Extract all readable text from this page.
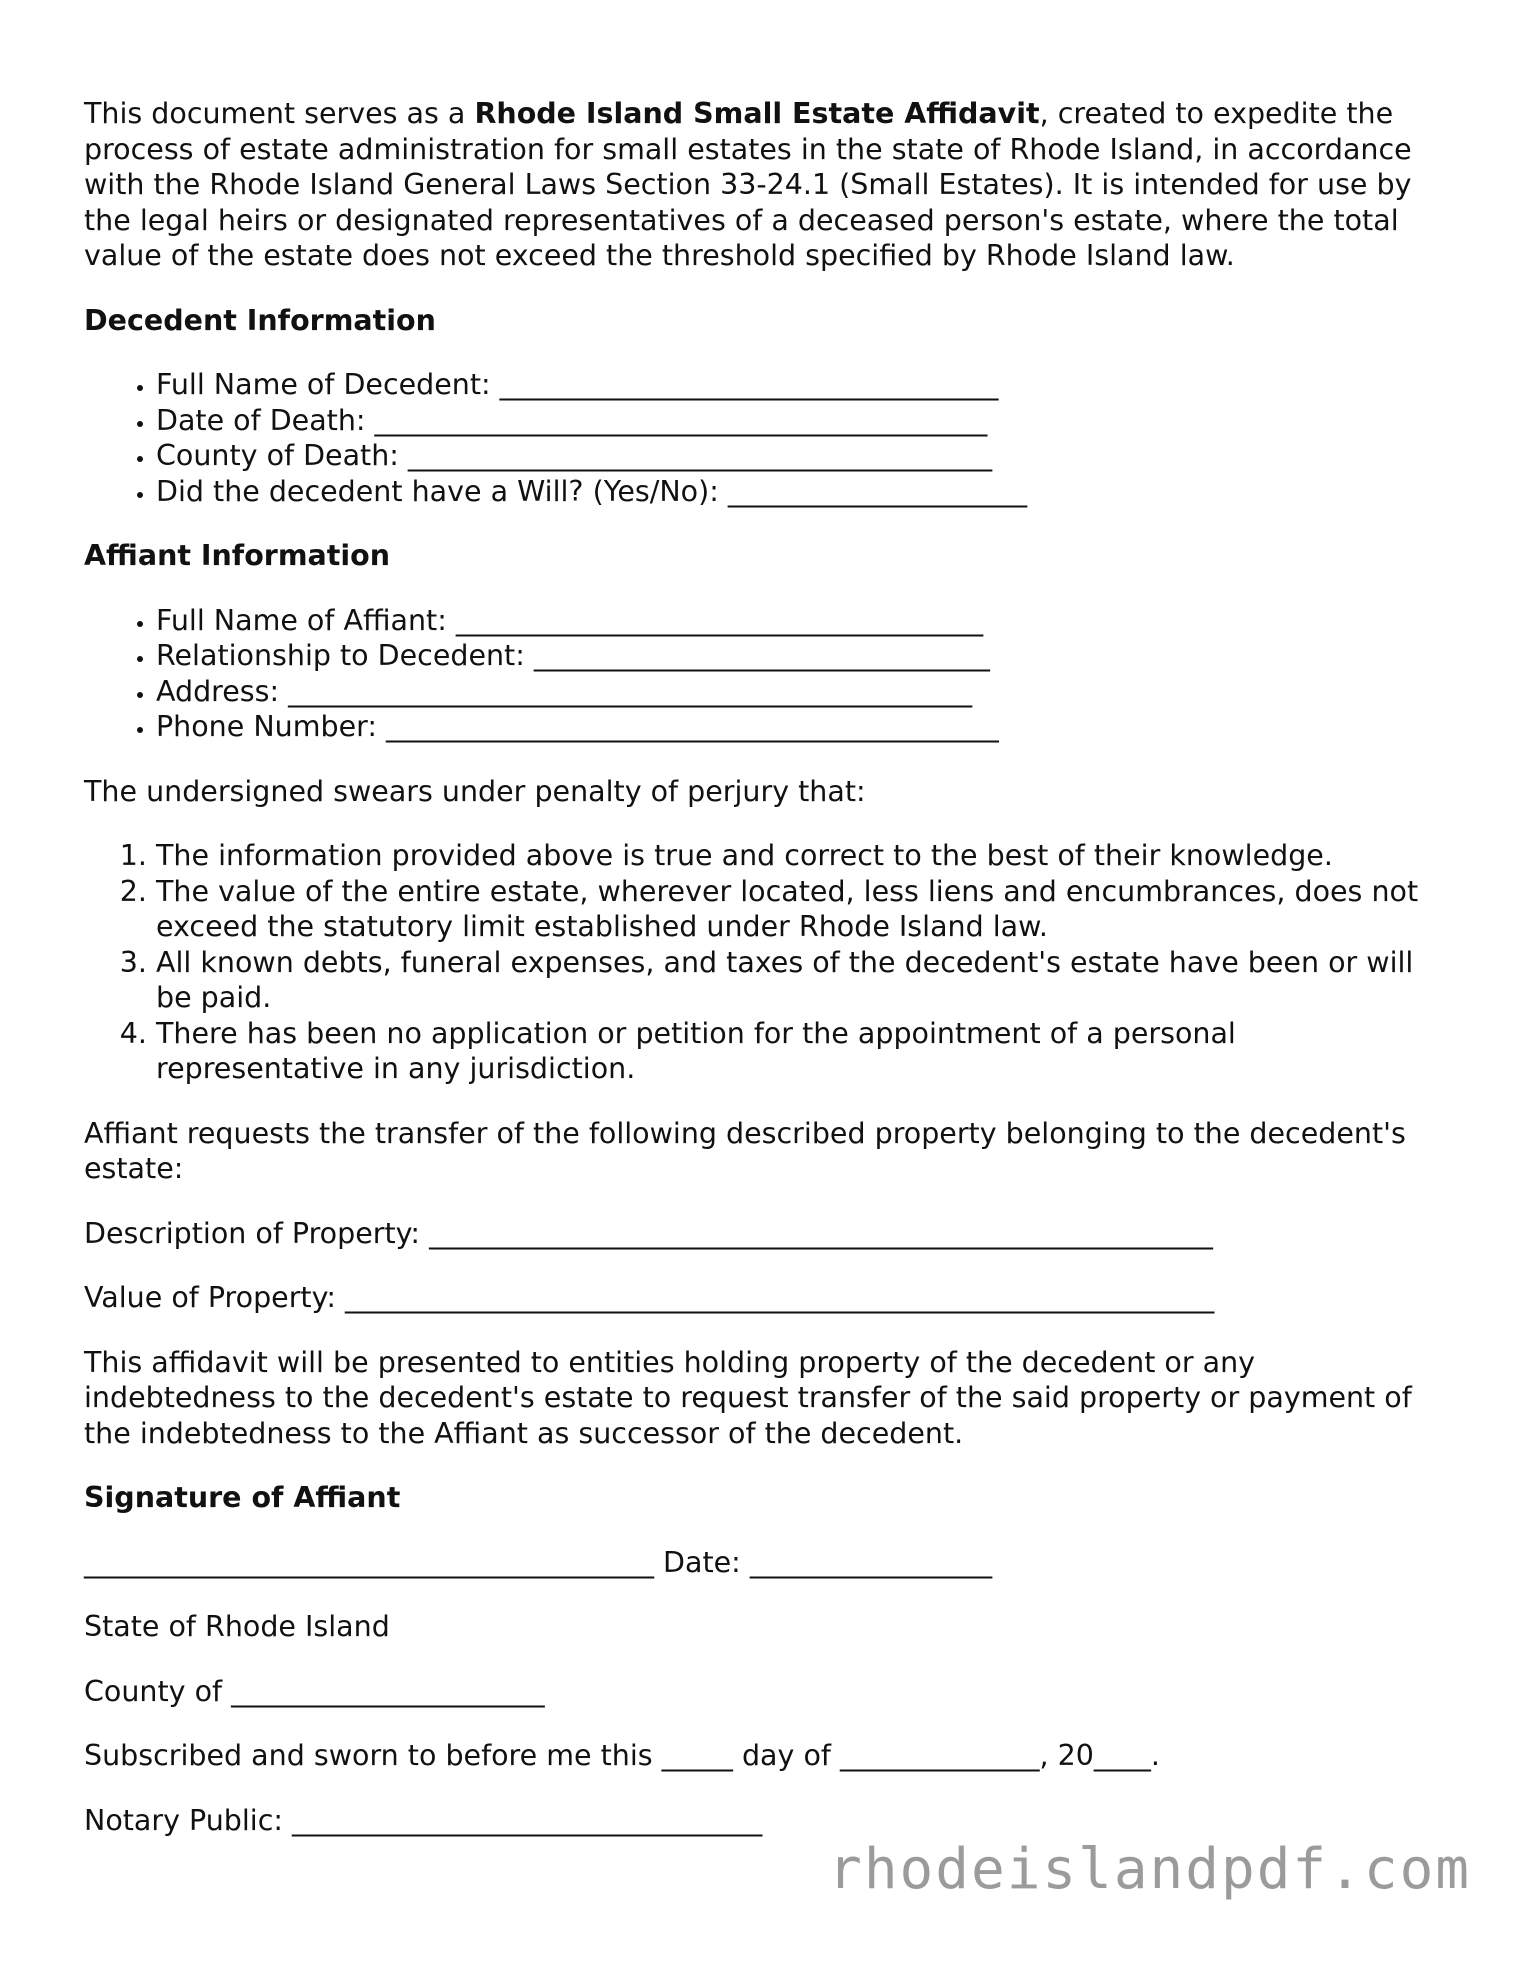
This document serves as a Rhode Island Small Estate Affidavit, created to expedite the process of estate administration for small estates in the state of Rhode Island, in accordance with the Rhode Island General Laws Section 33-24.1 (Small Estates). It is intended for use by the legal heirs or designated representatives of a deceased person's estate, where the total value of the estate does not exceed the threshold specified by Rhode Island law.

Decedent Information
• Full Name of Decedent: ___________________________________
• Date of Death: ___________________________________________
• County of Death: _________________________________________
• Did the decedent have a Will? (Yes/No): _____________________
Affiant Information
• Full Name of Affiant: _____________________________________
• Relationship to Decedent: ________________________________
• Address: ________________________________________________
• Phone Number: ___________________________________________

The undersigned swears under penalty of perjury that:

1. The information provided above is true and correct to the best of their knowledge.
2. The value of the entire estate, wherever located, less liens and encumbrances, does not exceed the statutory limit established under Rhode Island law.
3. All known debts, funeral expenses, and taxes of the decedent's estate have been or will be paid.
4. There has been no application or petition for the appointment of a personal representative in any jurisdiction.

Affiant requests the transfer of the following described property belonging to the decedent's estate:

Description of Property: _______________________________________________________

Value of Property: _____________________________________________________________

This affidavit will be presented to entities holding property of the decedent or any indebtedness to the decedent's estate to request transfer of the said property or payment of the indebtedness to the Affiant as successor of the decedent.

Signature of Affiant

________________________________________ Date: _________________

State of Rhode Island

County of ______________________

Subscribed and sworn to before me this _____ day of ______________, 20____.

Notary Public: _________________________________

rhodeislandpdf.com
